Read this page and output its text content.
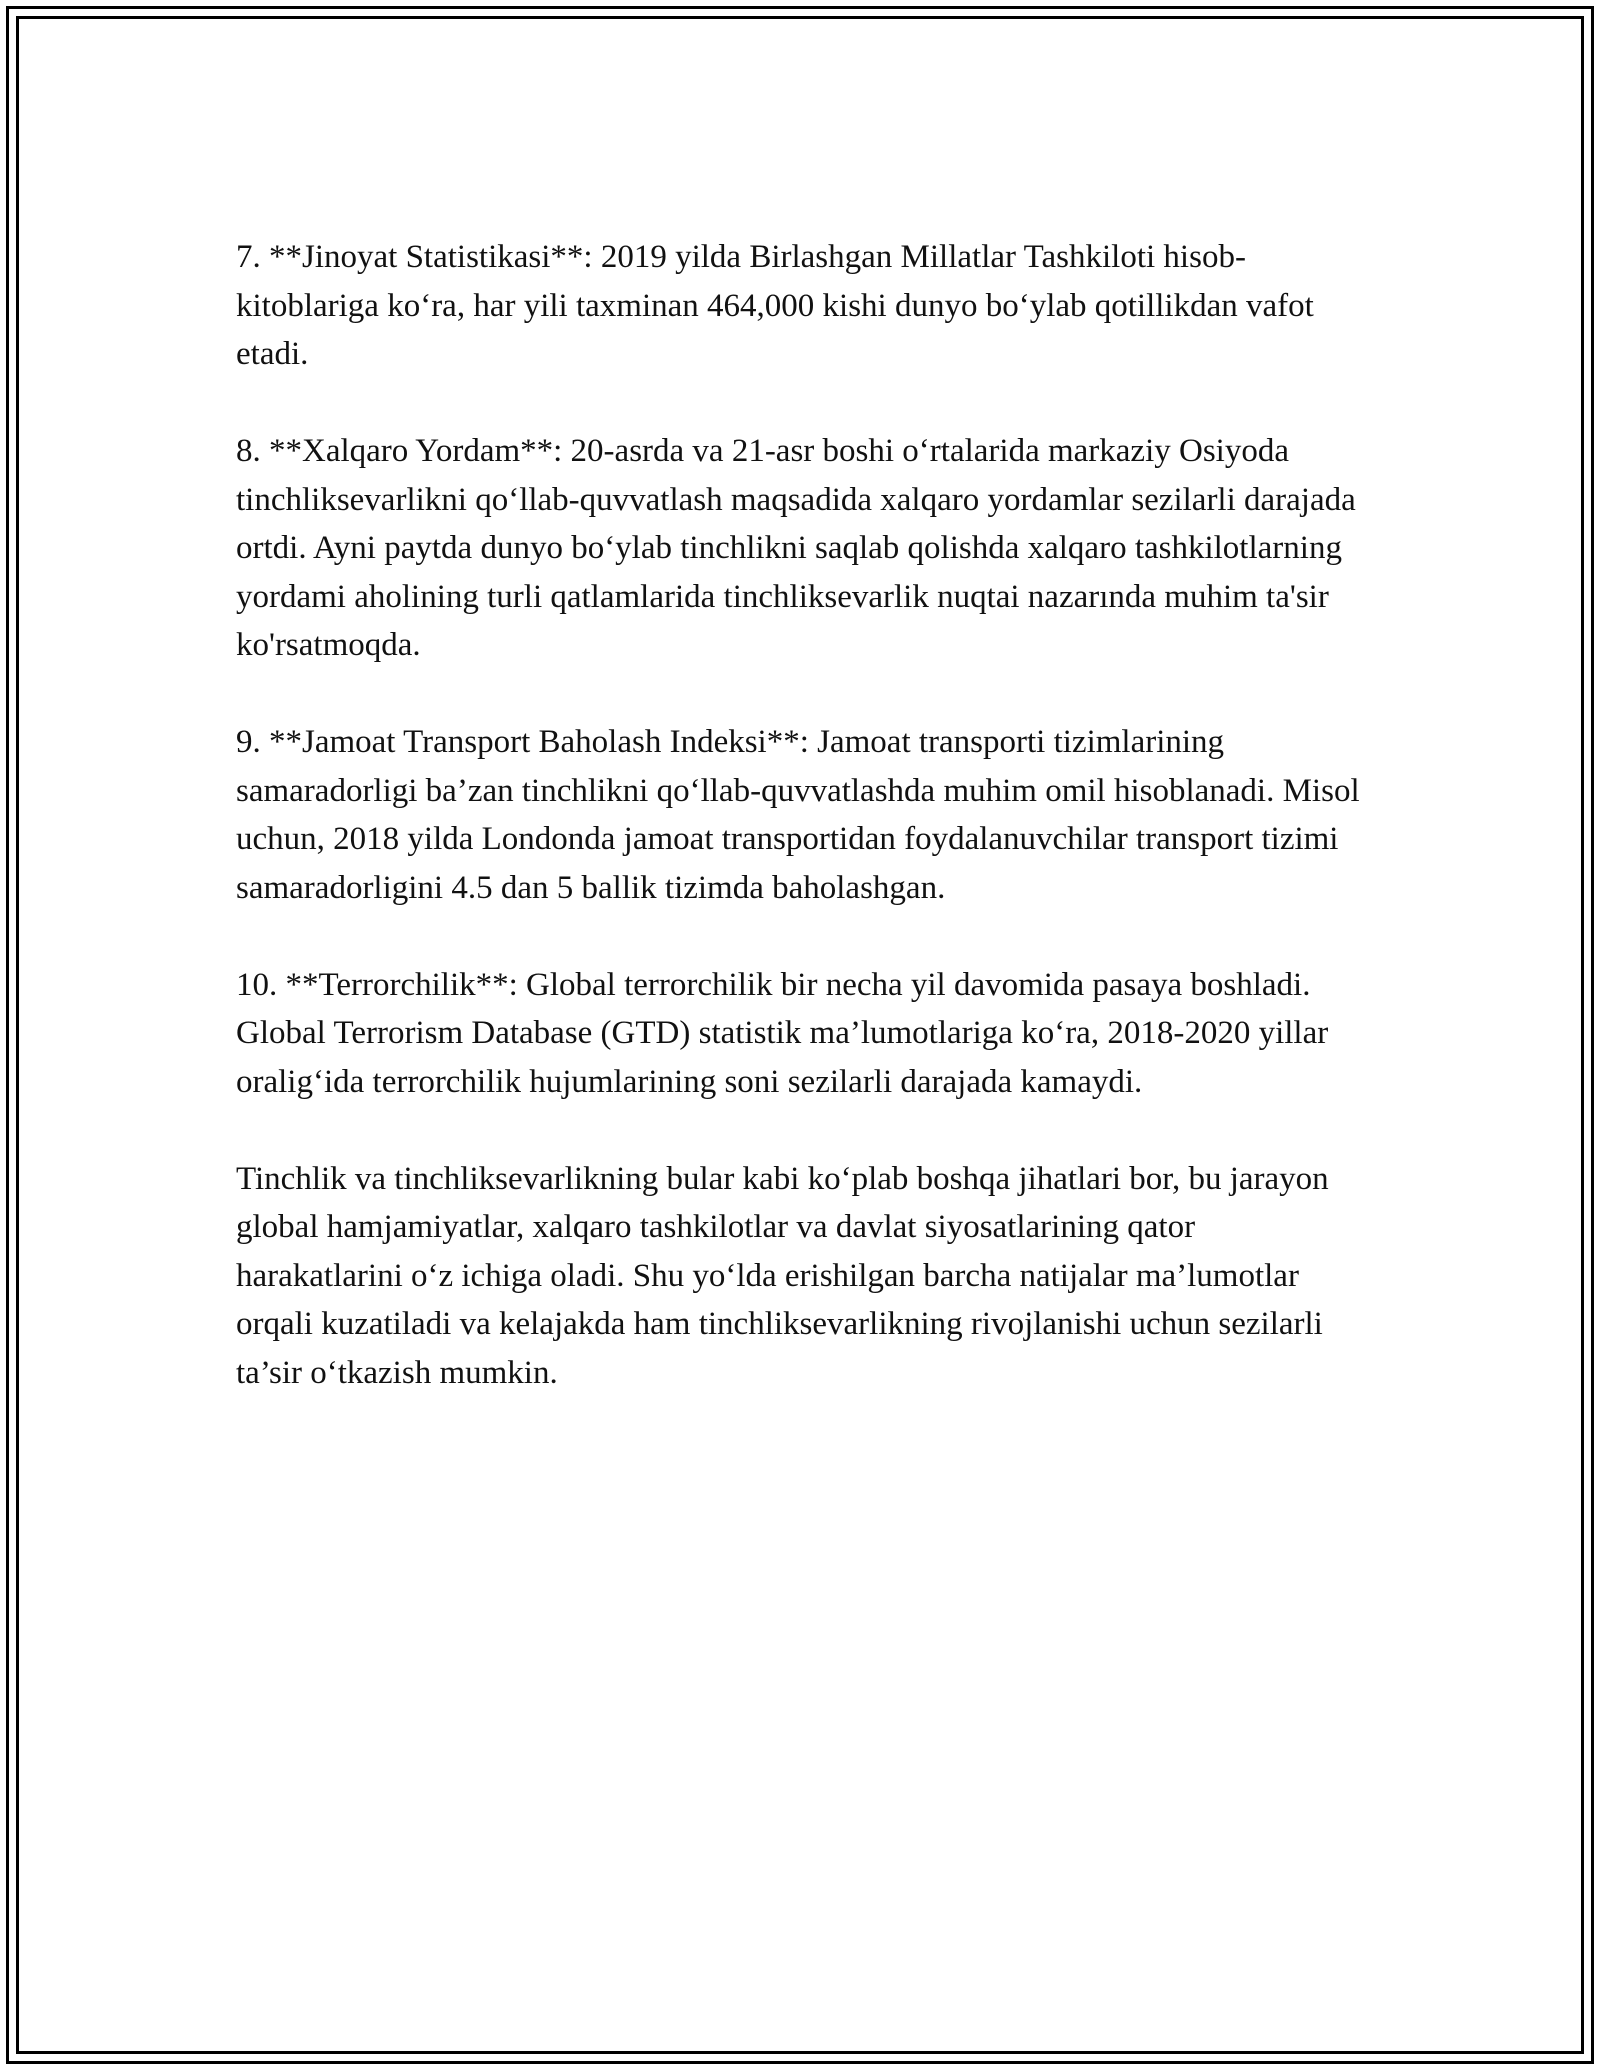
7. **Jinoyat Statistikasi**: 2019 yilda Birlashgan Millatlar Tashkiloti hisob-kitoblariga ko‘ra, har yili taxminan 464,000 kishi dunyo bo‘ylab qotillikdan vafot etadi.

8. **Xalqaro Yordam**: 20-asrda va 21-asr boshi o‘rtalarida markaziy Osiyoda tinchliksevarlikni qo‘llab-quvvatlash maqsadida xalqaro yordamlar sezilarli darajada ortdi. Ayni paytda dunyo bo‘ylab tinchlikni saqlab qolishda xalqaro tashkilotlarning yordami aholining turli qatlamlarida tinchliksevarlik nuqtai nazarında muhim ta'sir ko'rsatmoqda.

9. **Jamoat Transport Baholash Indeksi**: Jamoat transporti tizimlarining samaradorligi ba’zan tinchlikni qo‘llab-quvvatlashda muhim omil hisoblanadi. Misol uchun, 2018 yilda Londonda jamoat transportidan foydalanuvchilar transport tizimi samaradorligini 4.5 dan 5 ballik tizimda baholashgan.

10. **Terrorchilik**: Global terrorchilik bir necha yil davomida pasaya boshladi. Global Terrorism Database (GTD) statistik ma’lumotlariga ko‘ra, 2018-2020 yillar oralig‘ida terrorchilik hujumlarining soni sezilarli darajada kamaydi.

Tinchlik va tinchliksevarlikning bular kabi ko‘plab boshqa jihatlari bor, bu jarayon global hamjamiyatlar, xalqaro tashkilotlar va davlat siyosatlarining qator harakatlarini o‘z ichiga oladi. Shu yo‘lda erishilgan barcha natijalar ma’lumotlar orqali kuzatiladi va kelajakda ham tinchliksevarlikning rivojlanishi uchun sezilarli ta’sir o‘tkazish mumkin.
